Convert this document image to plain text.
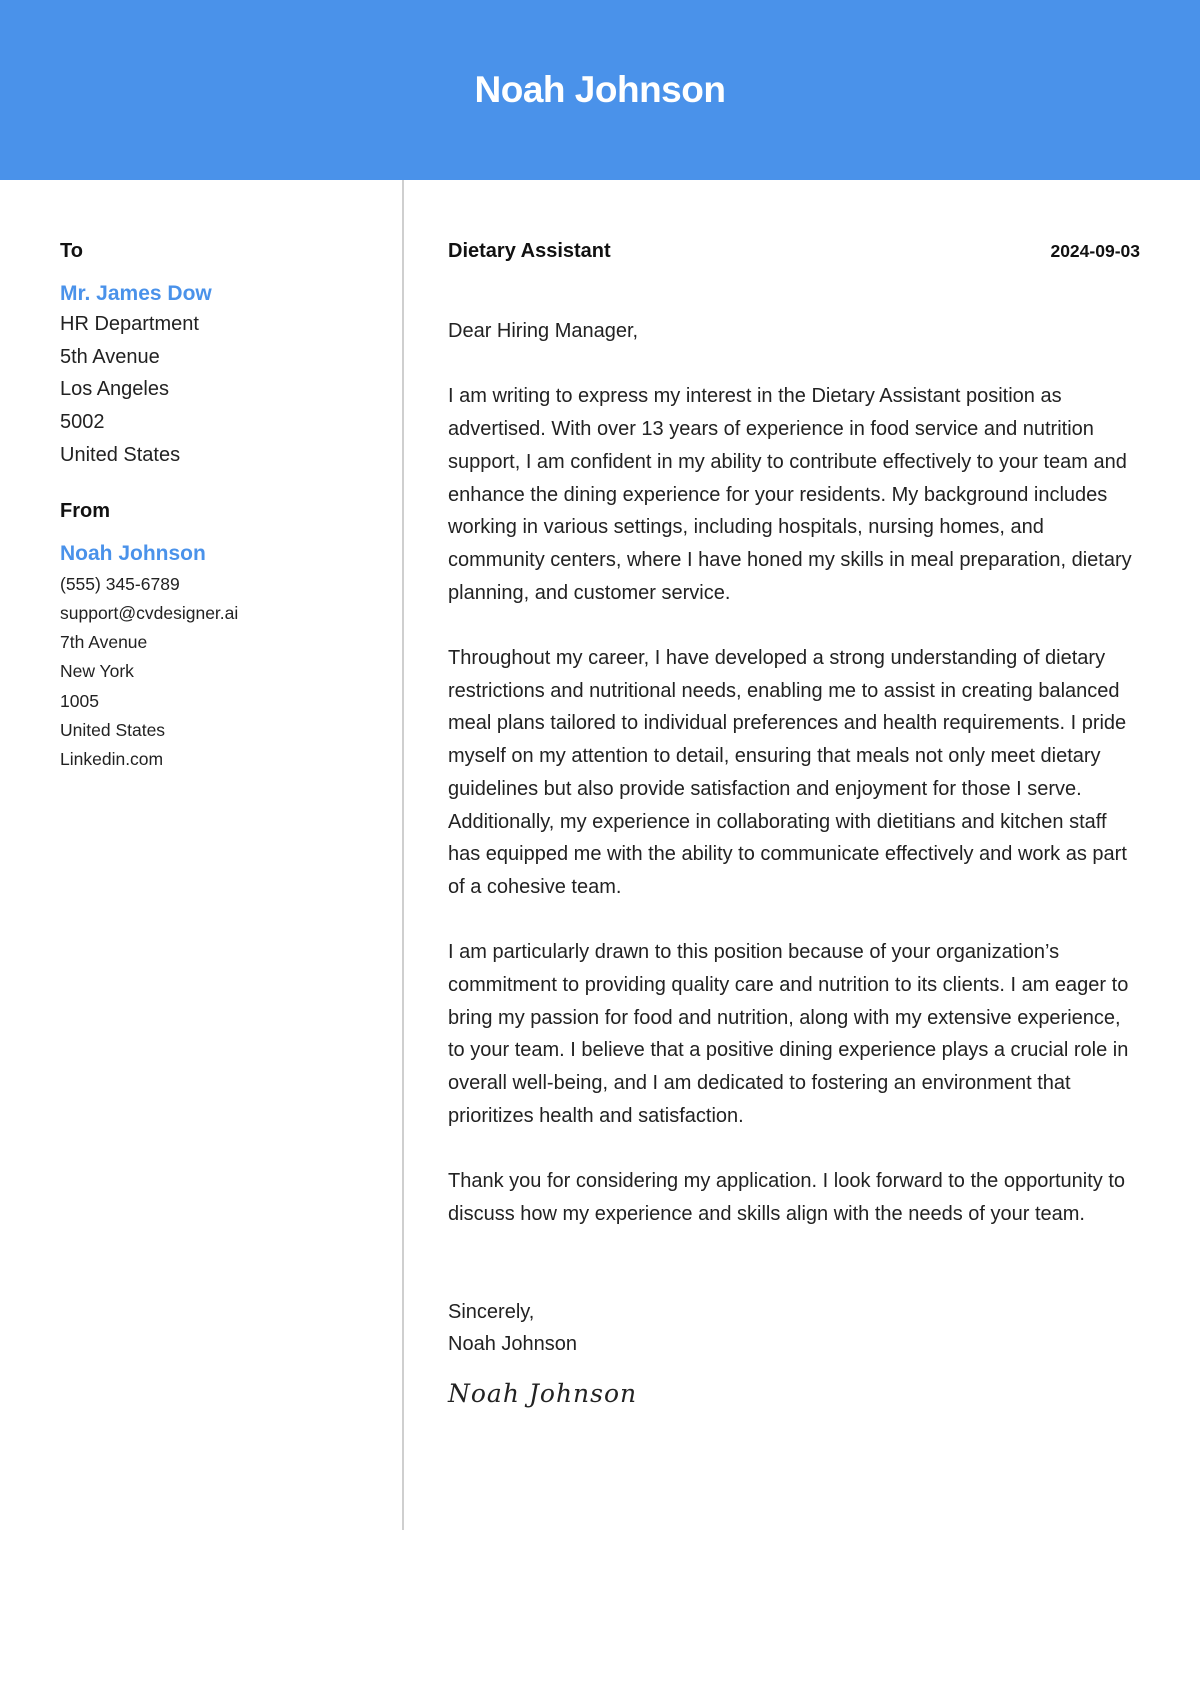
Noah Johnson
To
Mr. James Dow
HR Department
5th Avenue
Los Angeles
5002
United States
From
Noah Johnson
(555) 345-6789
support@cvdesigner.ai
7th Avenue
New York
1005
United States
Linkedin.com
Dietary Assistant	2024-09-03
Dear Hiring Manager,

I am writing to express my interest in the Dietary Assistant position as advertised. With over 13 years of experience in food service and nutrition support, I am confident in my ability to contribute effectively to your team and enhance the dining experience for your residents. My background includes working in various settings, including hospitals, nursing homes, and community centers, where I have honed my skills in meal preparation, dietary planning, and customer service.

Throughout my career, I have developed a strong understanding of dietary restrictions and nutritional needs, enabling me to assist in creating balanced meal plans tailored to individual preferences and health requirements. I pride myself on my attention to detail, ensuring that meals not only meet dietary guidelines but also provide satisfaction and enjoyment for those I serve. Additionally, my experience in collaborating with dietitians and kitchen staff has equipped me with the ability to communicate effectively and work as part of a cohesive team.

I am particularly drawn to this position because of your organization’s commitment to providing quality care and nutrition to its clients. I am eager to bring my passion for food and nutrition, along with my extensive experience, to your team. I believe that a positive dining experience plays a crucial role in overall well-being, and I am dedicated to fostering an environment that prioritizes health and satisfaction.

Thank you for considering my application. I look forward to the opportunity to discuss how my experience and skills align with the needs of your team.

Sincerely,
Noah Johnson
Noah Johnson
